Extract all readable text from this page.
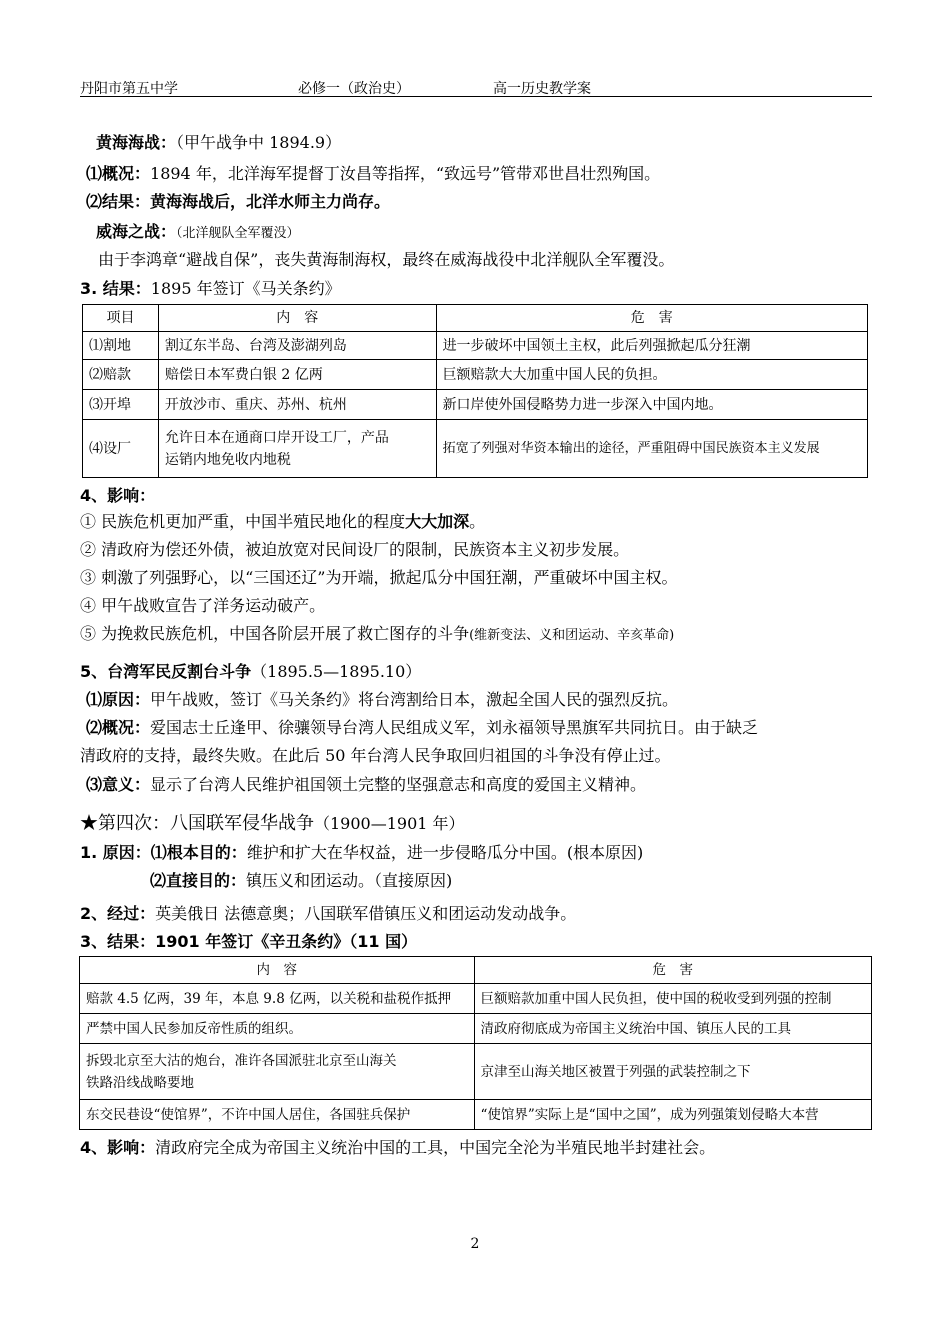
丹阳市第五中学	必修一（政治史）	高一历史教学案
黄海海战：（甲午战争中 1894.9）
⑴概况：1894 年，北洋海军提督丁汝昌等指挥，“致远号”管带邓世昌壮烈殉国。
⑵结果：黄海海战后，北洋水师主力尚存。
威海之战：（北洋舰队全军覆没）
由于李鸿章“避战自保”，丧失黄海制海权，最终在威海战役中北洋舰队全军覆没。
3. 结果：1895 年签订《马关条约》
项目	内　容	危　害
⑴割地	割辽东半岛、台湾及澎湖列岛	进一步破坏中国领土主权，此后列强掀起瓜分狂潮
⑵赔款	赔偿日本军费白银 2 亿两	巨额赔款大大加重中国人民的负担。
⑶开埠	开放沙市、重庆、苏州、杭州	新口岸使外国侵略势力进一步深入中国内地。
⑷设厂	允许日本在通商口岸开设工厂，产品
运销内地免收内地税	拓宽了列强对华资本输出的途径，严重阻碍中国民族资本主义发展
4、影响：
① 民族危机更加严重，中国半殖民地化的程度大大加深。
② 清政府为偿还外债，被迫放宽对民间设厂的限制，民族资本主义初步发展。
③ 刺激了列强野心，以“三国还辽”为开端，掀起瓜分中国狂潮，严重破坏中国主权。
④ 甲午战败宣告了洋务运动破产。
⑤ 为挽救民族危机，中国各阶层开展了救亡图存的斗争(维新变法、义和团运动、辛亥革命)
5、台湾军民反割台斗争（1895.5—1895.10）
⑴原因：甲午战败，签订《马关条约》将台湾割给日本，激起全国人民的强烈反抗。
⑵概况：爱国志士丘逢甲、徐骧领导台湾人民组成义军，刘永福领导黑旗军共同抗日。由于缺乏
清政府的支持，最终失败。在此后 50 年台湾人民争取回归祖国的斗争没有停止过。
⑶意义：显示了台湾人民维护祖国领土完整的坚强意志和高度的爱国主义精神。
★第四次：八国联军侵华战争（1900—1901 年）
1. 原因：⑴根本目的：维护和扩大在华权益，进一步侵略瓜分中国。(根本原因)
⑵直接目的：镇压义和团运动。（直接原因)
2、经过：英美俄日 法德意奥；八国联军借镇压义和团运动发动战争。
3、结果：1901 年签订《辛丑条约》（11 国）
内　容	危　害
赔款 4.5 亿两，39 年，本息 9.8 亿两，以关税和盐税作抵押	巨额赔款加重中国人民负担，使中国的税收受到列强的控制
严禁中国人民参加反帝性质的组织。	清政府彻底成为帝国主义统治中国、镇压人民的工具

拆毁北京至大沽的炮台，准许各国派驻北京至山海关
铁路沿线战略要地	京津至山海关地区被置于列强的武装控制之下
东交民巷设“使馆界”，不许中国人居住，各国驻兵保护	“使馆界”实际上是“国中之国”，成为列强策划侵略大本营
4、影响：清政府完全成为帝国主义统治中国的工具，中国完全沦为半殖民地半封建社会。
2
